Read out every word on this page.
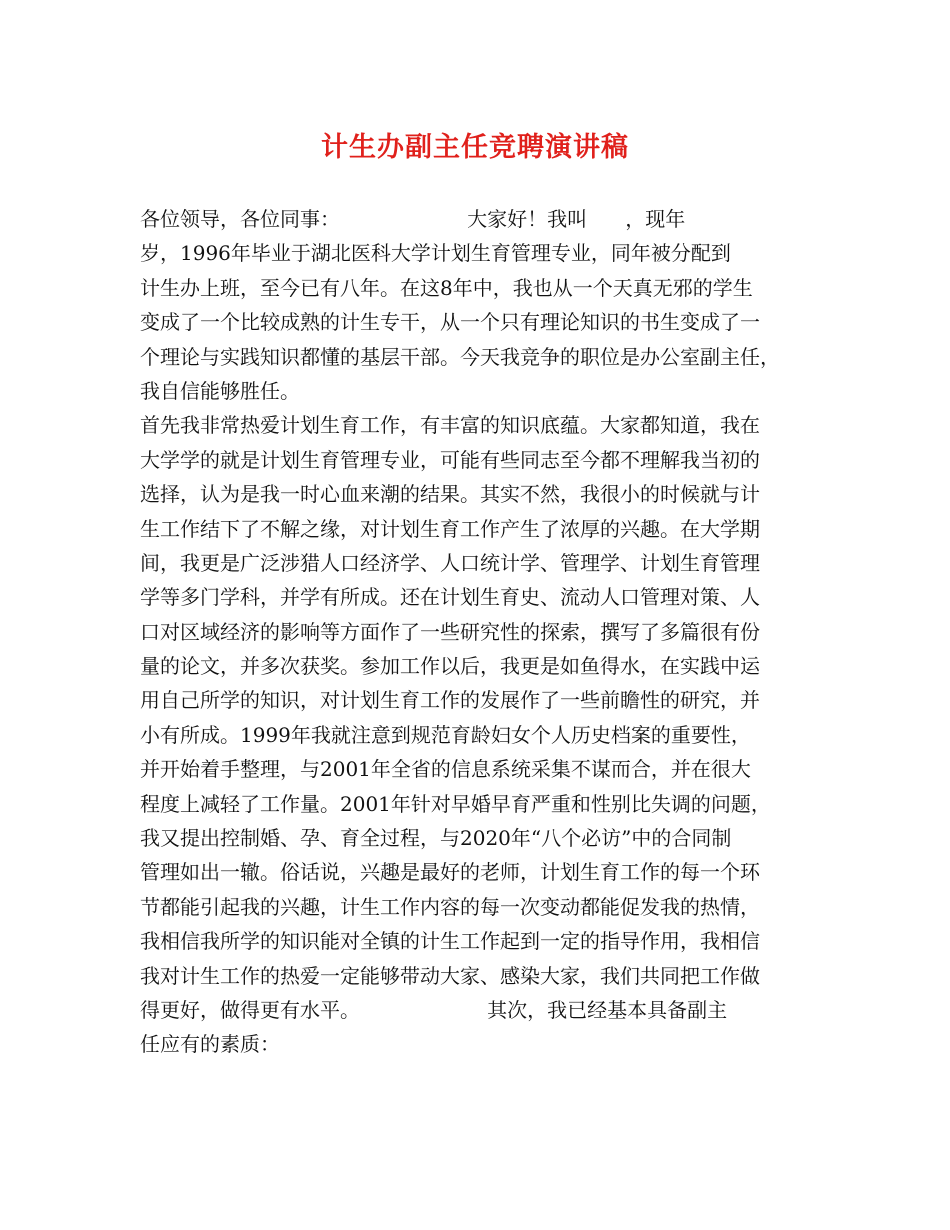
计生办副主任竞聘演讲稿
各位领导，各位同事：                    大家好！我叫      ，现年
岁，1996年毕业于湖北医科大学计划生育管理专业，同年被分配到
计生办上班，至今已有八年。在这8年中，我也从一个天真无邪的学生
变成了一个比较成熟的计生专干，从一个只有理论知识的书生变成了一
个理论与实践知识都懂的基层干部。今天我竞争的职位是办公室副主任，
我自信能够胜任。
首先我非常热爱计划生育工作，有丰富的知识底蕴。大家都知道，我在
大学学的就是计划生育管理专业，可能有些同志至今都不理解我当初的
选择，认为是我一时心血来潮的结果。其实不然，我很小的时候就与计
生工作结下了不解之缘，对计划生育工作产生了浓厚的兴趣。在大学期
间，我更是广泛涉猎人口经济学、人口统计学、管理学、计划生育管理
学等多门学科，并学有所成。还在计划生育史、流动人口管理对策、人
口对区域经济的影响等方面作了一些研究性的探索，撰写了多篇很有份
量的论文，并多次获奖。参加工作以后，我更是如鱼得水，在实践中运
用自己所学的知识，对计划生育工作的发展作了一些前瞻性的研究，并
小有所成。1999年我就注意到规范育龄妇女个人历史档案的重要性，
并开始着手整理，与2001年全省的信息系统采集不谋而合，并在很大
程度上减轻了工作量。2001年针对早婚早育严重和性别比失调的问题，
我又提出控制婚、孕、育全过程，与2020年“八个必访”中的合同制
管理如出一辙。俗话说，兴趣是最好的老师，计划生育工作的每一个环
节都能引起我的兴趣，计生工作内容的每一次变动都能促发我的热情，
我相信我所学的知识能对全镇的计生工作起到一定的指导作用，我相信
我对计生工作的热爱一定能够带动大家、感染大家，我们共同把工作做
得更好，做得更有水平。                    其次，我已经基本具备副主
任应有的素质：
